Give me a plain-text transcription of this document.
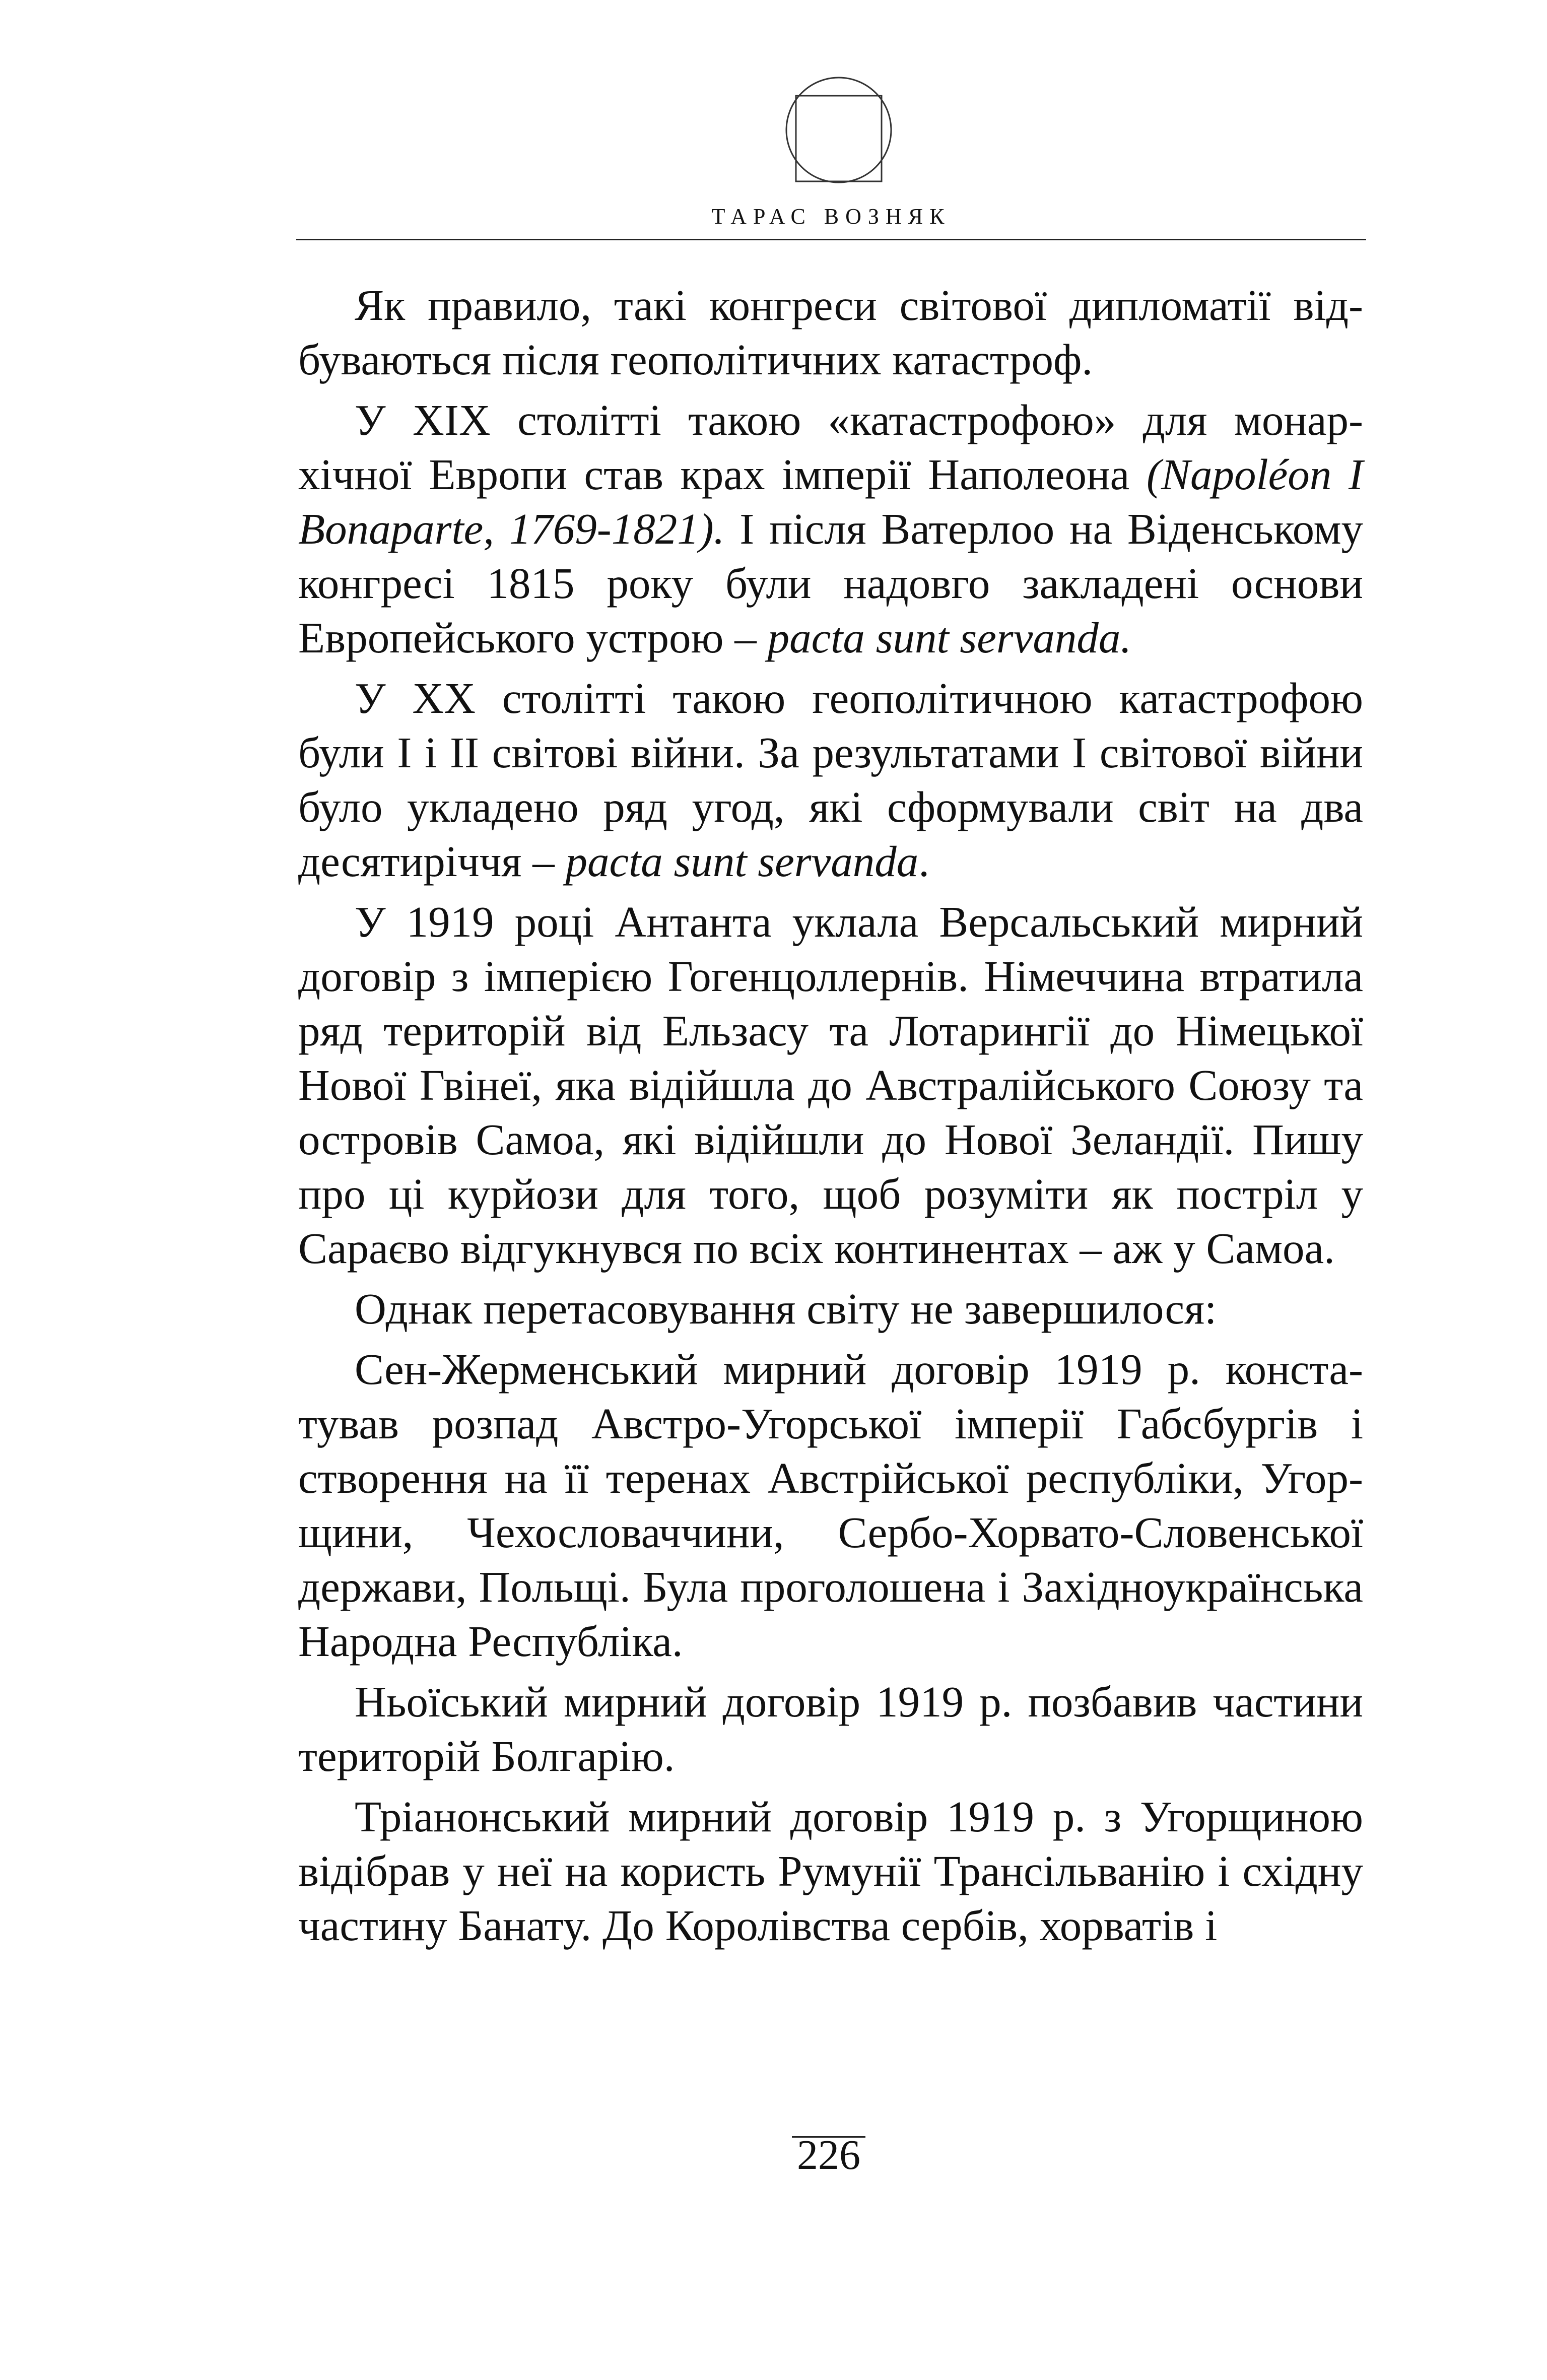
ТАРАС ВОЗНЯК

Як правило, такі конгреси світової дипломатії відбуваються після геополітичних катастроф.

У XIX столітті такою «катастрофою» для монархічної Европи став крах імперії Наполеона (Napoléon I Bonaparte, 1769-1821). І після Ватерлоо на Віденському конгресі 1815 року були надовго закладені основи Европейського устрою – pacta sunt servanda.

У XX столітті такою геополітичною катастрофою були І і ІІ світові війни. За результатами І світової війни було укладено ряд угод, які сформували світ на два десятиріччя – pacta sunt servanda.

У 1919 році Антанта уклала Версальський мирний договір з імперією Гогенцоллернів. Німеччина втратила ряд територій від Ельзасу та Лотарингії до Німецької Нової Гвінеї, яка відійшла до Австралійського Союзу та островів Самоа, які відійшли до Нової Зеландії. Пишу про ці курйози для того, щоб розуміти як постріл у Сараєво відгукнувся по всіх континентах – аж у Самоа.

Однак перетасовування світу не завершилося:

Сен-Жерменський мирний договір 1919 р. констатував розпад Австро-Угорської імперії Габсбургів і створення на її теренах Австрійської республіки, Угорщини, Чехословаччини, Сербо-Хорвато-Словенської держави, Польщі. Була проголошена і Західноукраїнська Народна Республіка.

Ньоїський мирний договір 1919 р. позбавив частини територій Болгарію.

Тріанонський мирний договір 1919 р. з Угорщиною відібрав у неї на користь Румунії Трансільванію і східну частину Банату. До Королівства сербів, хорватів і

226
